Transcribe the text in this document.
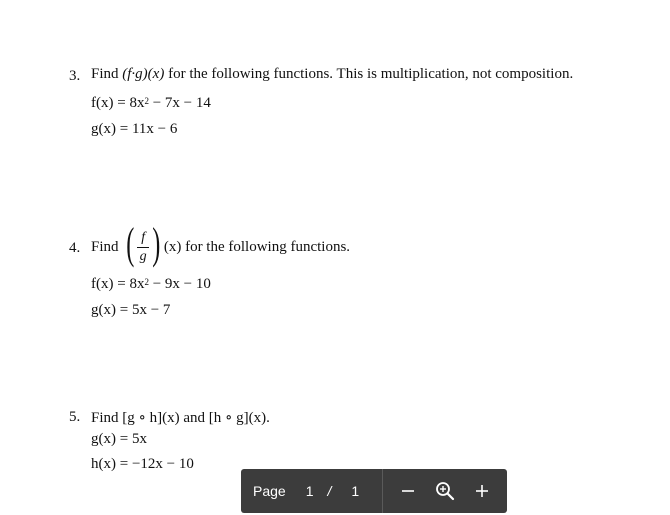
3. Find (f·g)(x) for the following functions. This is multiplication, not composition.
$f(x) = 8x^2 - 7x - 14$
g(x) = 11x − 6
4. Find ( $\frac{f}{g}$ ) (x) for the following functions.
$f(x) = 8x^2 - 9x - 10$
g(x) = 5x − 7
5. Find [g ∘ h](x) and [h ∘ g](x).
g(x) = 5x
h(x) = −12x − 10
Page 1 / 1
